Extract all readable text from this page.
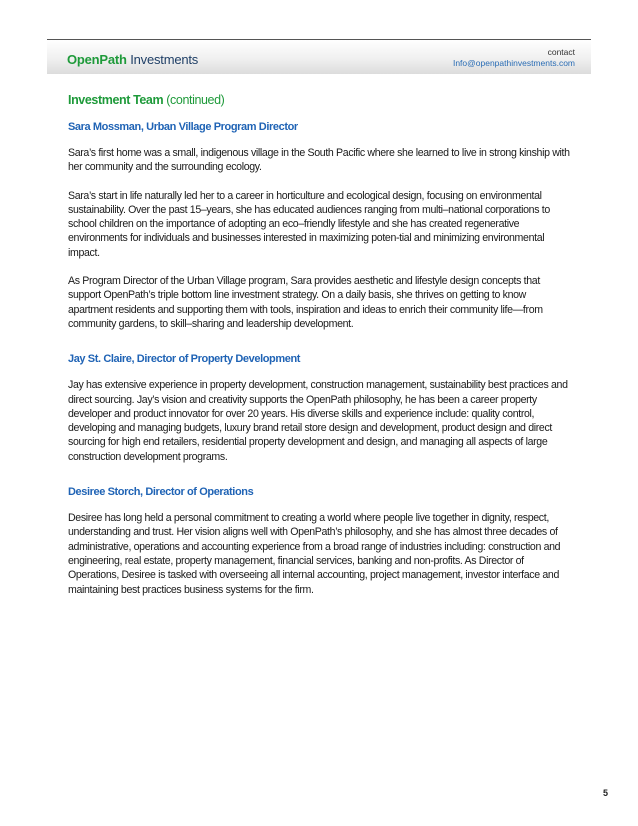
OpenPath Investments	contact
Info@openpathinvestments.com
Investment Team (continued)
Sara Mossman, Urban Village Program Director

Sara’s first home was a small, indigenous village in the South Pacific where she learned to live in strong kinship with her community and the surrounding ecology.

Sara’s start in life naturally led her to a career in horticulture and ecological design, focusing on environmental sustainability. Over the past 15–years, she has educated audiences ranging from multi–national corporations to school children on the importance of adopting an eco–friendly lifestyle and she has created regenerative environments for individuals and businesses interested in maximizing poten-tial and minimizing environmental impact.

As Program Director of the Urban Village program, Sara provides aesthetic and lifestyle design concepts that support OpenPath’s triple bottom line investment strategy. On a daily basis, she thrives on getting to know apartment residents and supporting them with tools, inspiration and ideas to enrich their community life—from community gardens, to skill–sharing and leadership development.

Jay St. Claire, Director of Property Development

Jay has extensive experience in property development, construction management, sustainability best practices and direct sourcing. Jay’s vision and creativity supports the OpenPath philosophy, he has been a career property developer and product innovator for over 20 years. His diverse skills and experience include: quality control, developing and managing budgets, luxury brand retail store design and development, product design and direct sourcing for high end retailers, residential property development and design, and managing all aspects of large construction development programs.

Desiree Storch, Director of Operations

Desiree has long held a personal commitment to creating a world where people live together in dignity, respect, understanding and trust. Her vision aligns well with OpenPath’s philosophy, and she has almost three decades of administrative, operations and accounting experience from a broad range of industries including: construction and engineering, real estate, property management, financial services, banking and non-profits. As Director of Operations, Desiree is tasked with overseeing all internal accounting, project management, investor interface and maintaining best practices business systems for the firm.

5
